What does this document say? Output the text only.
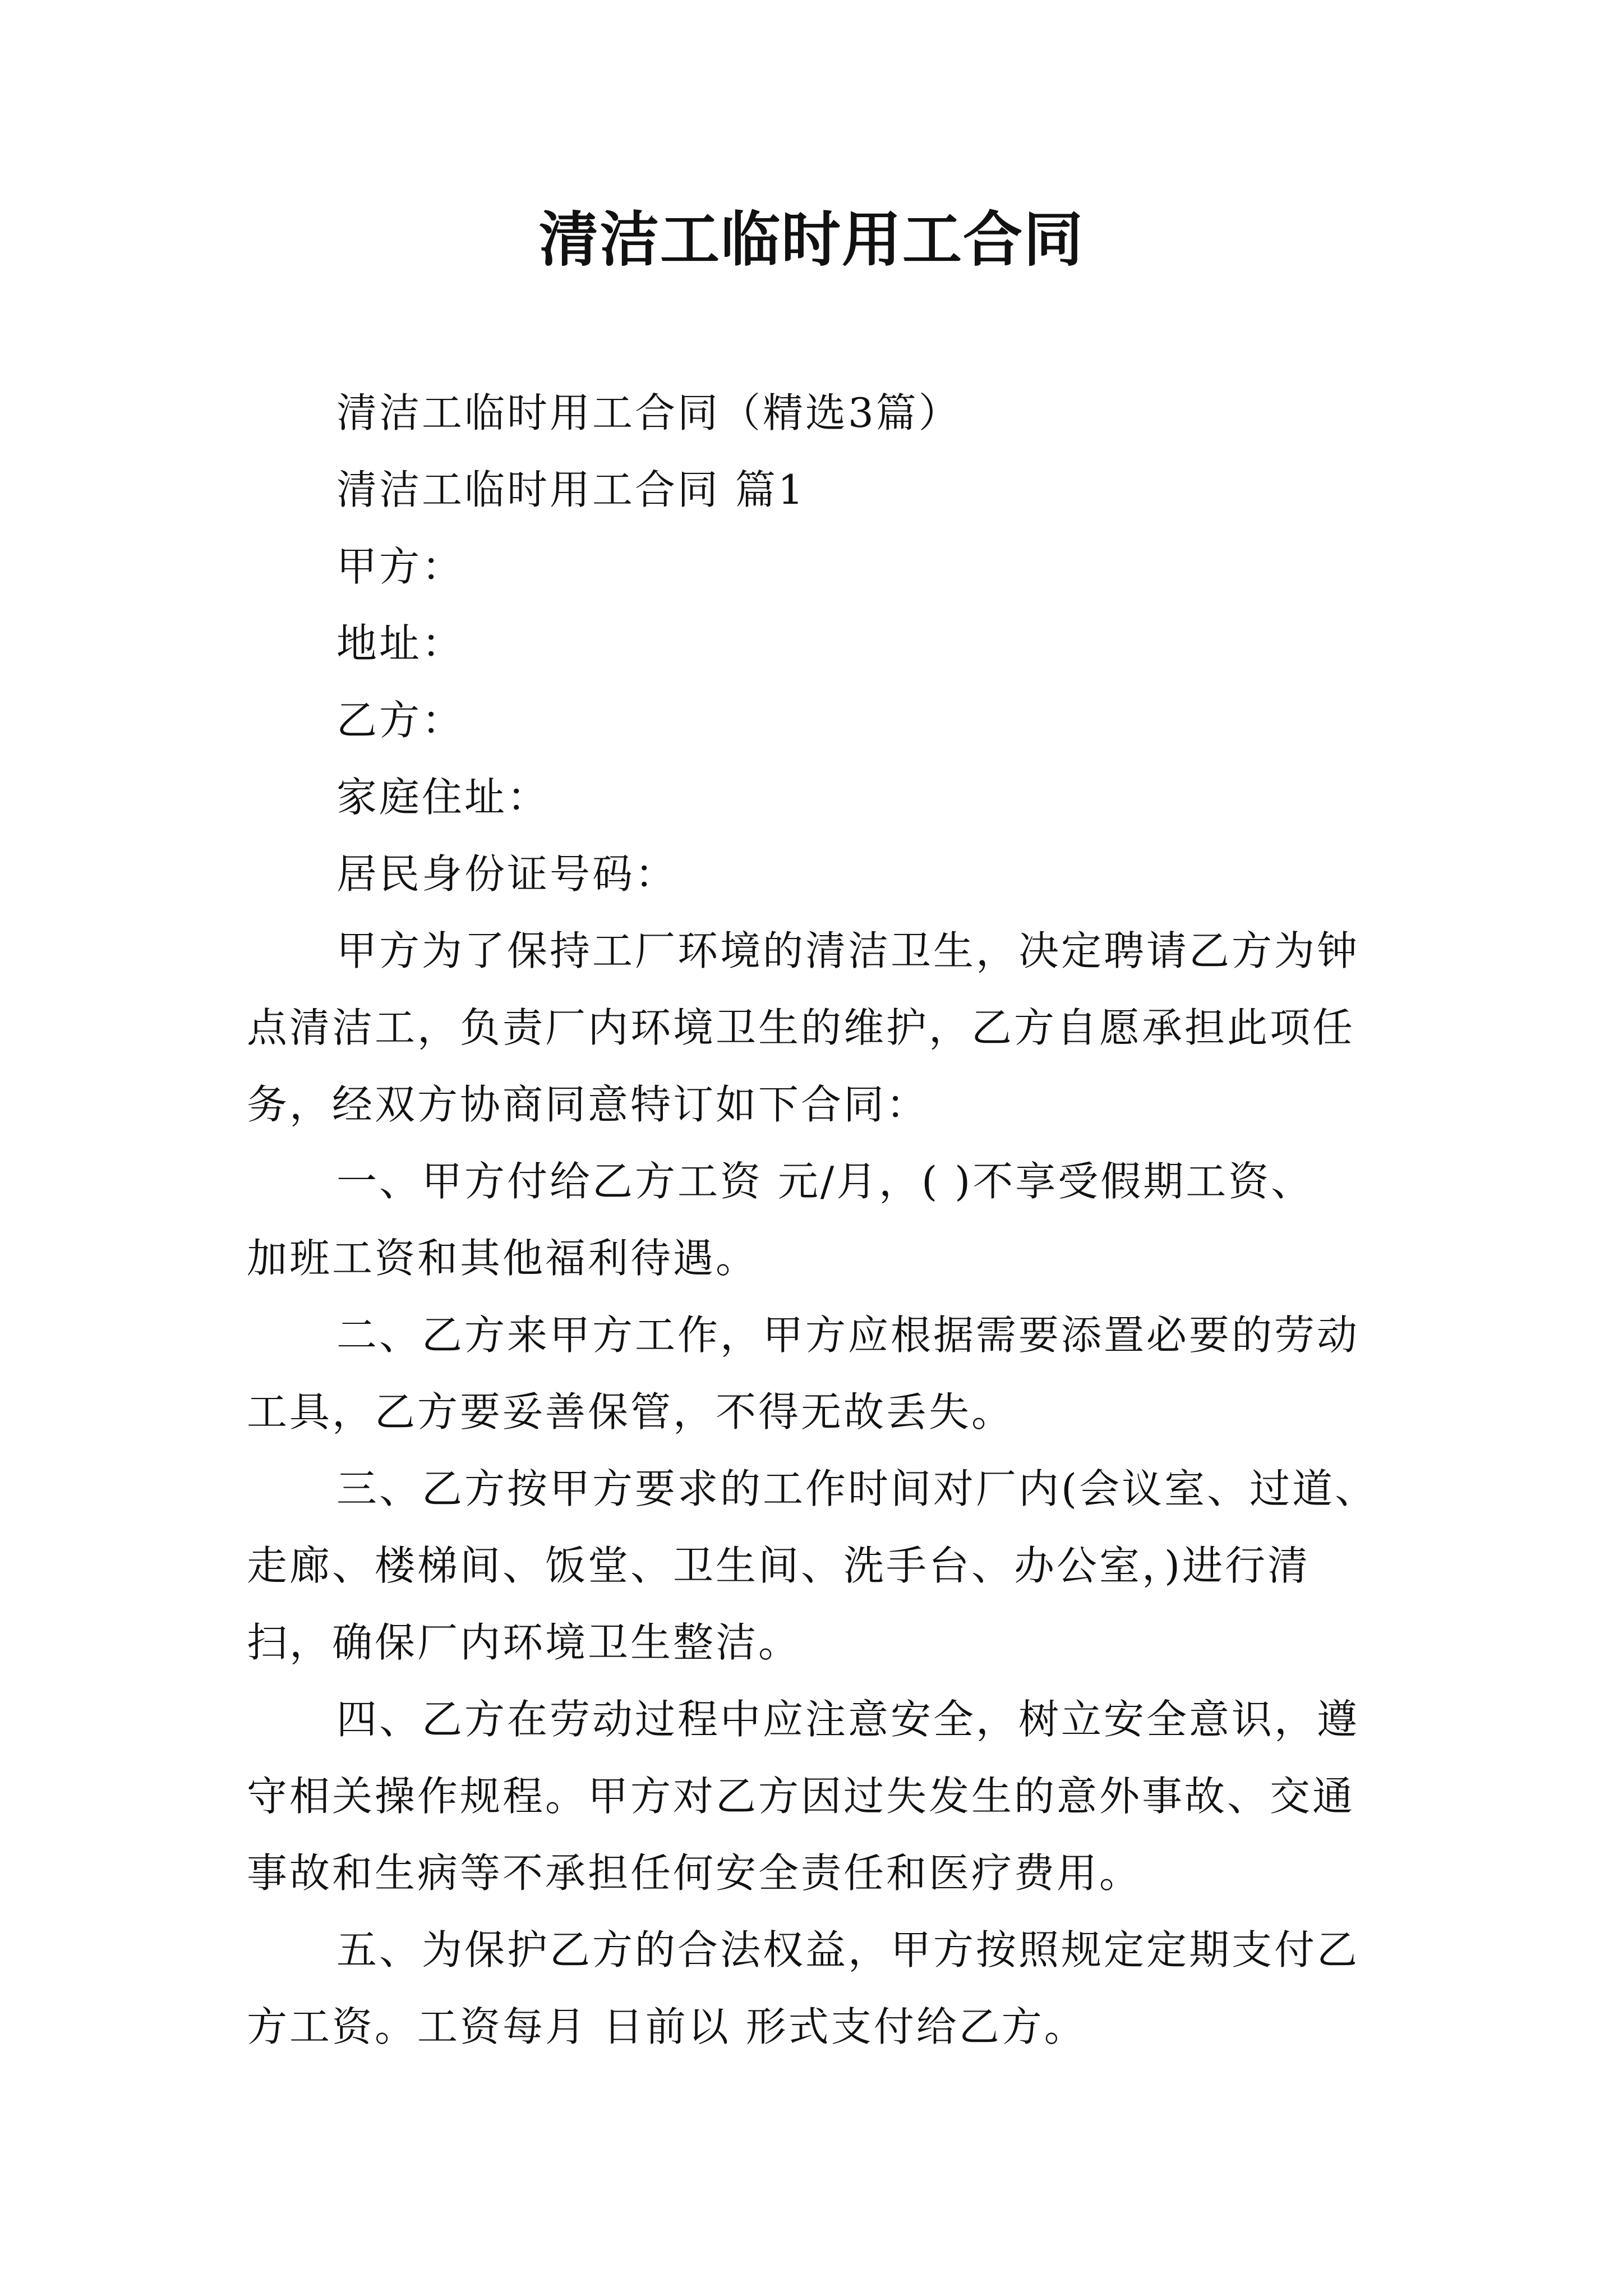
清洁工临时用工合同
清洁工临时用工合同（精选3篇）
清洁工临时用工合同 篇1
甲方：
地址：
乙方：
家庭住址：
居民身份证号码：
甲方为了保持工厂环境的清洁卫生，决定聘请乙方为钟
点清洁工，负责厂内环境卫生的维护，乙方自愿承担此项任
务，经双方协商同意特订如下合同：
一、甲方付给乙方工资 元/月，( )不享受假期工资、
加班工资和其他福利待遇。
二、乙方来甲方工作，甲方应根据需要添置必要的劳动
工具，乙方要妥善保管，不得无故丢失。
三、乙方按甲方要求的工作时间对厂内(会议室、过道、
走廊、楼梯间、饭堂、卫生间、洗手台、办公室，)进行清
扫，确保厂内环境卫生整洁。
四、乙方在劳动过程中应注意安全，树立安全意识，遵
守相关操作规程。甲方对乙方因过失发生的意外事故、交通
事故和生病等不承担任何安全责任和医疗费用。
五、为保护乙方的合法权益，甲方按照规定定期支付乙
方工资。工资每月 日前以 形式支付给乙方。
